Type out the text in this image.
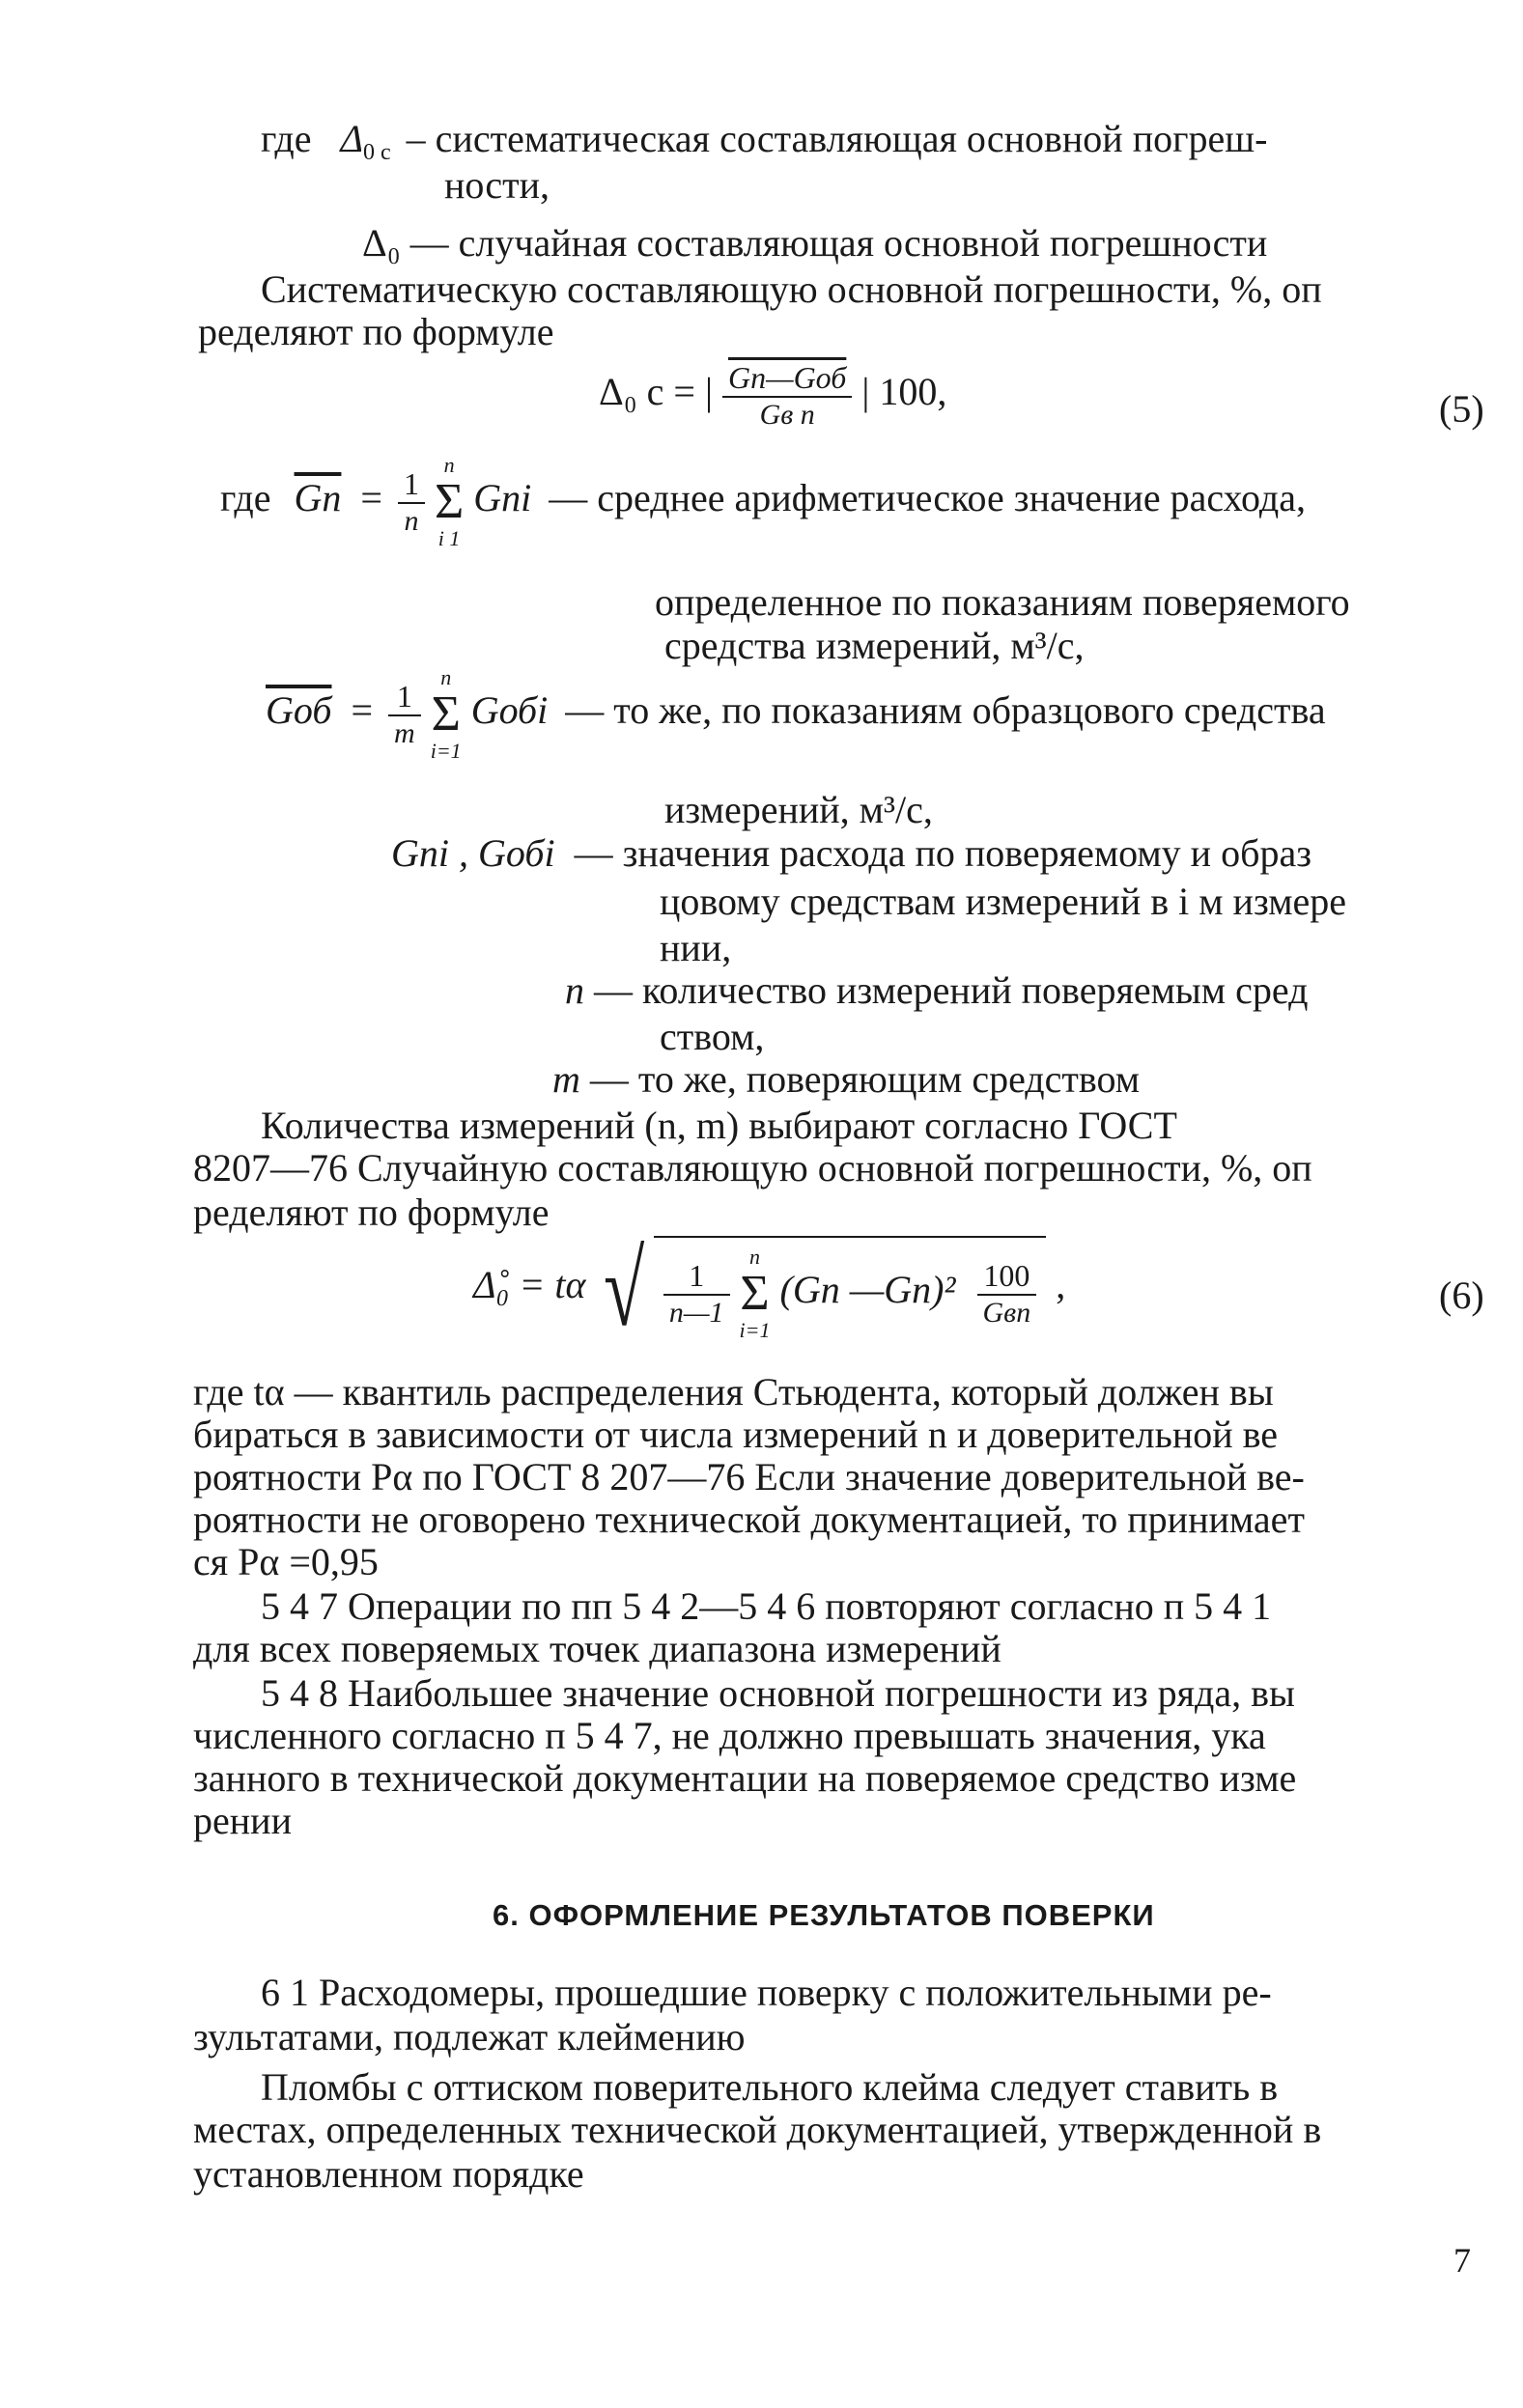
где $\Delta_{0 c}$ – систематическая составляющая основной погреш-
ности,
Δ₀ — случайная составляющая основной погрешности
Систематическую составляющую основной погрешности, %, оп
ределяют по формуле
Δ₀ c = | $\frac{\text{Gп—Gоб}}{\text{Gв п}}$ | 100,	(5)
где Gп = $\frac{1}{n}$

n
Σ
i 1
Gпi — среднее арифметическое значение расхода,
определенное по показаниям поверяемого
средства измерений, м³/с,
Gоб = $\frac{1}{m}$

n
Σ
i=1
Gобi — то же, по показаниям образцового средства
измерений, м³/с,
Gпi , Gобi — значения расхода по поверяемому и образ
цовому средствам измерений в i м измере
нии,
n — количество измерений поверяемым сред
ством,
m — то же, поверяющим средством
Количества измерений (n, m) выбирают согласно ГОСТ
8207—76 Случайную составляющую основной погрешности, %, оп
ределяют по формуле
Δ̊₀ = tα √ $\frac{1}{n—1}$

n
Σ
i=1
(Gп —Gп)² $\frac{100}{\text{Gвп}}$ ,	(6)
где tα — квантиль распределения Стьюдента, который должен вы
бираться в зависимости от числа измерений n и доверительной ве
роятности Pα по ГОСТ 8 207—76 Если значение доверительной ве-
роятности не оговорено технической документацией, то принимает
ся Pα =0,95
5 4 7 Операции по пп 5 4 2—5 4 6 повторяют согласно п 5 4 1
для всех поверяемых точек диапазона измерений
5 4 8 Наибольшее значение основной погрешности из ряда, вы
численного согласно п 5 4 7, не должно превышать значения, ука
занного в технической документации на поверяемое средство изме
рении
6. ОФОРМЛЕНИЕ РЕЗУЛЬТАТОВ ПОВЕРКИ
6 1 Расходомеры, прошедшие поверку с положительными ре-
зультатами, подлежат клеймению
Пломбы с оттиском поверительного клейма следует ставить в
местах, определенных технической документацией, утвержденной в
установленном порядке
7
